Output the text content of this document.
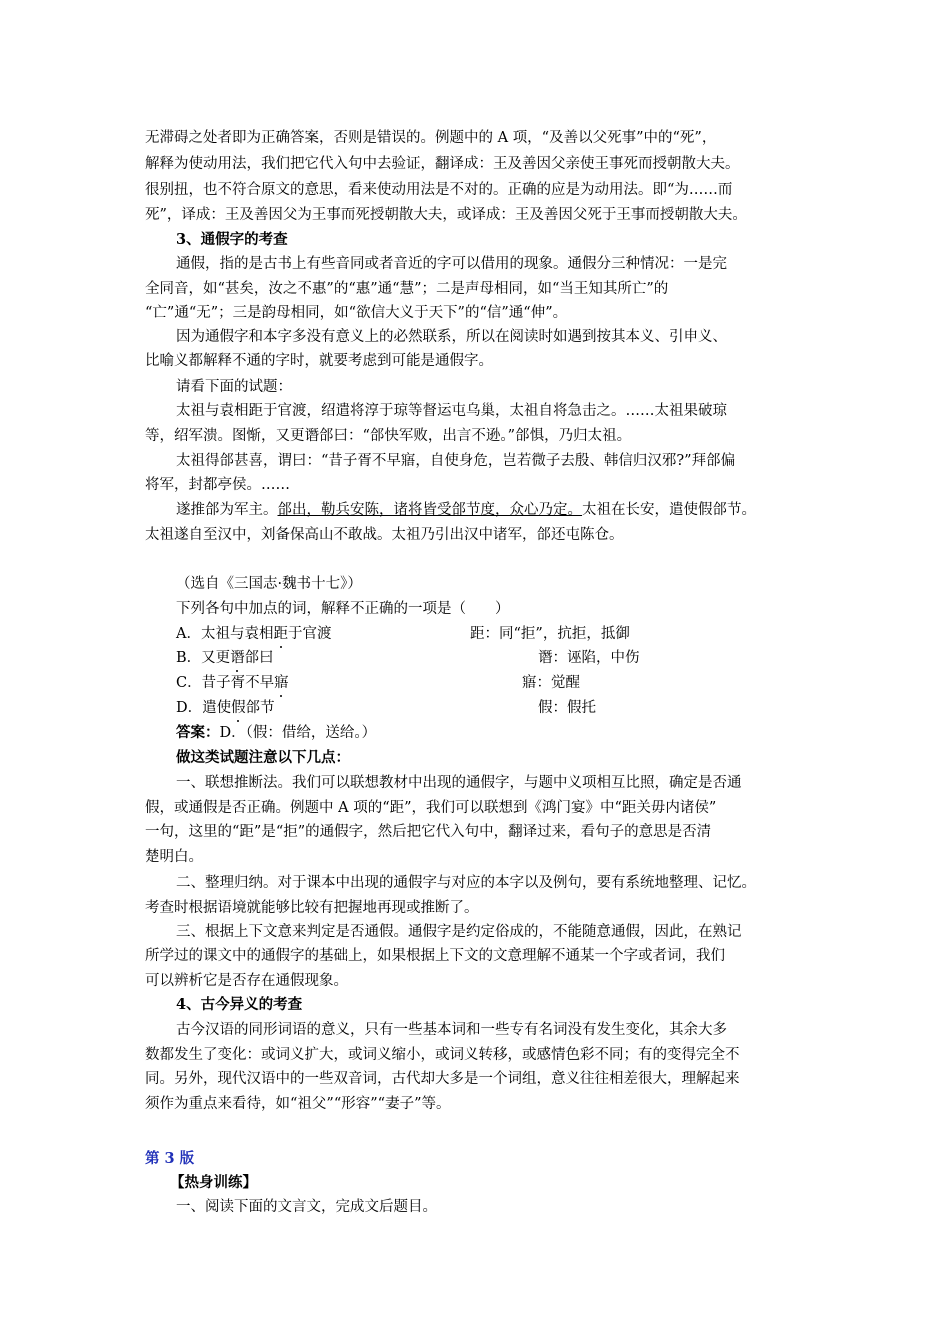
无滞碍之处者即为正确答案，否则是错误的。例题中的 A 项，“及善以父死事”中的“死”，
解释为使动用法，我们把它代入句中去验证，翻译成：王及善因父亲使王事死而授朝散大夫。
很别扭，也不符合原文的意思，看来使动用法是不对的。正确的应是为动用法。即“为……而
死”，译成：王及善因父为王事而死授朝散大夫，或译成：王及善因父死于王事而授朝散大夫。
3、通假字的考查
通假，指的是古书上有些音同或者音近的字可以借用的现象。通假分三种情况：一是完
全同音，如“甚矣，汝之不惠”的“惠”通“慧”；二是声母相同，如“当王知其所亡”的
“亡”通“无”；三是韵母相同，如“欲信大义于天下”的“信”通“伸”。
因为通假字和本字多没有意义上的必然联系，所以在阅读时如遇到按其本义、引申义、
比喻义都解释不通的字时，就要考虑到可能是通假字。
请看下面的试题：
太祖与袁相距于官渡，绍遣将淳于琼等督运屯乌巢，太祖自将急击之。……太祖果破琼
等，绍军溃。图惭，又更谮郃曰：“郃快军败，出言不逊。”郃惧，乃归太祖。
太祖得郃甚喜，谓曰：“昔子胥不早寤，自使身危，岂若微子去殷、韩信归汉邪?”拜郃偏
将军，封都亭侯。……
遂推郃为军主。郃出，勒兵安陈，诸将皆受郃节度，众心乃定。太祖在长安，遣使假郃节。
太祖遂自至汉中，刘备保高山不敢战。太祖乃引出汉中诸军，郃还屯陈仓。
（选自《三国志·魏书十七》）
下列各句中加点的词，解释不正确的一项是（　　）
A．太祖与袁相距于官渡	距：同“拒”，抗拒，抵御
B．又更谮郃曰	谮：诬陷，中伤
C．昔子胥不早寤	寤：觉醒
D．遣使假郃节	假：假托
答案：D．（假：借给，送给。）
做这类试题注意以下几点：
一、联想推断法。我们可以联想教材中出现的通假字，与题中义项相互比照，确定是否通
假，或通假是否正确。例题中 A 项的“距”，我们可以联想到《鸿门宴》中“距关毋内诸侯”
一句，这里的“距”是“拒”的通假字，然后把它代入句中，翻译过来，看句子的意思是否清
楚明白。
二、整理归纳。对于课本中出现的通假字与对应的本字以及例句，要有系统地整理、记忆。
考查时根据语境就能够比较有把握地再现或推断了。
三、根据上下文意来判定是否通假。通假字是约定俗成的，不能随意通假，因此，在熟记
所学过的课文中的通假字的基础上，如果根据上下文的文意理解不通某一个字或者词，我们
可以辨析它是否存在通假现象。
4、古今异义的考查
古今汉语的同形词语的意义，只有一些基本词和一些专有名词没有发生变化，其余大多
数都发生了变化：或词义扩大，或词义缩小，或词义转移，或感情色彩不同；有的变得完全不
同。另外，现代汉语中的一些双音词，古代却大多是一个词组，意义往往相差很大，理解起来
须作为重点来看待，如“祖父”“形容”“妻子”等。
第 3 版
【热身训练】
一、阅读下面的文言文，完成文后题目。
